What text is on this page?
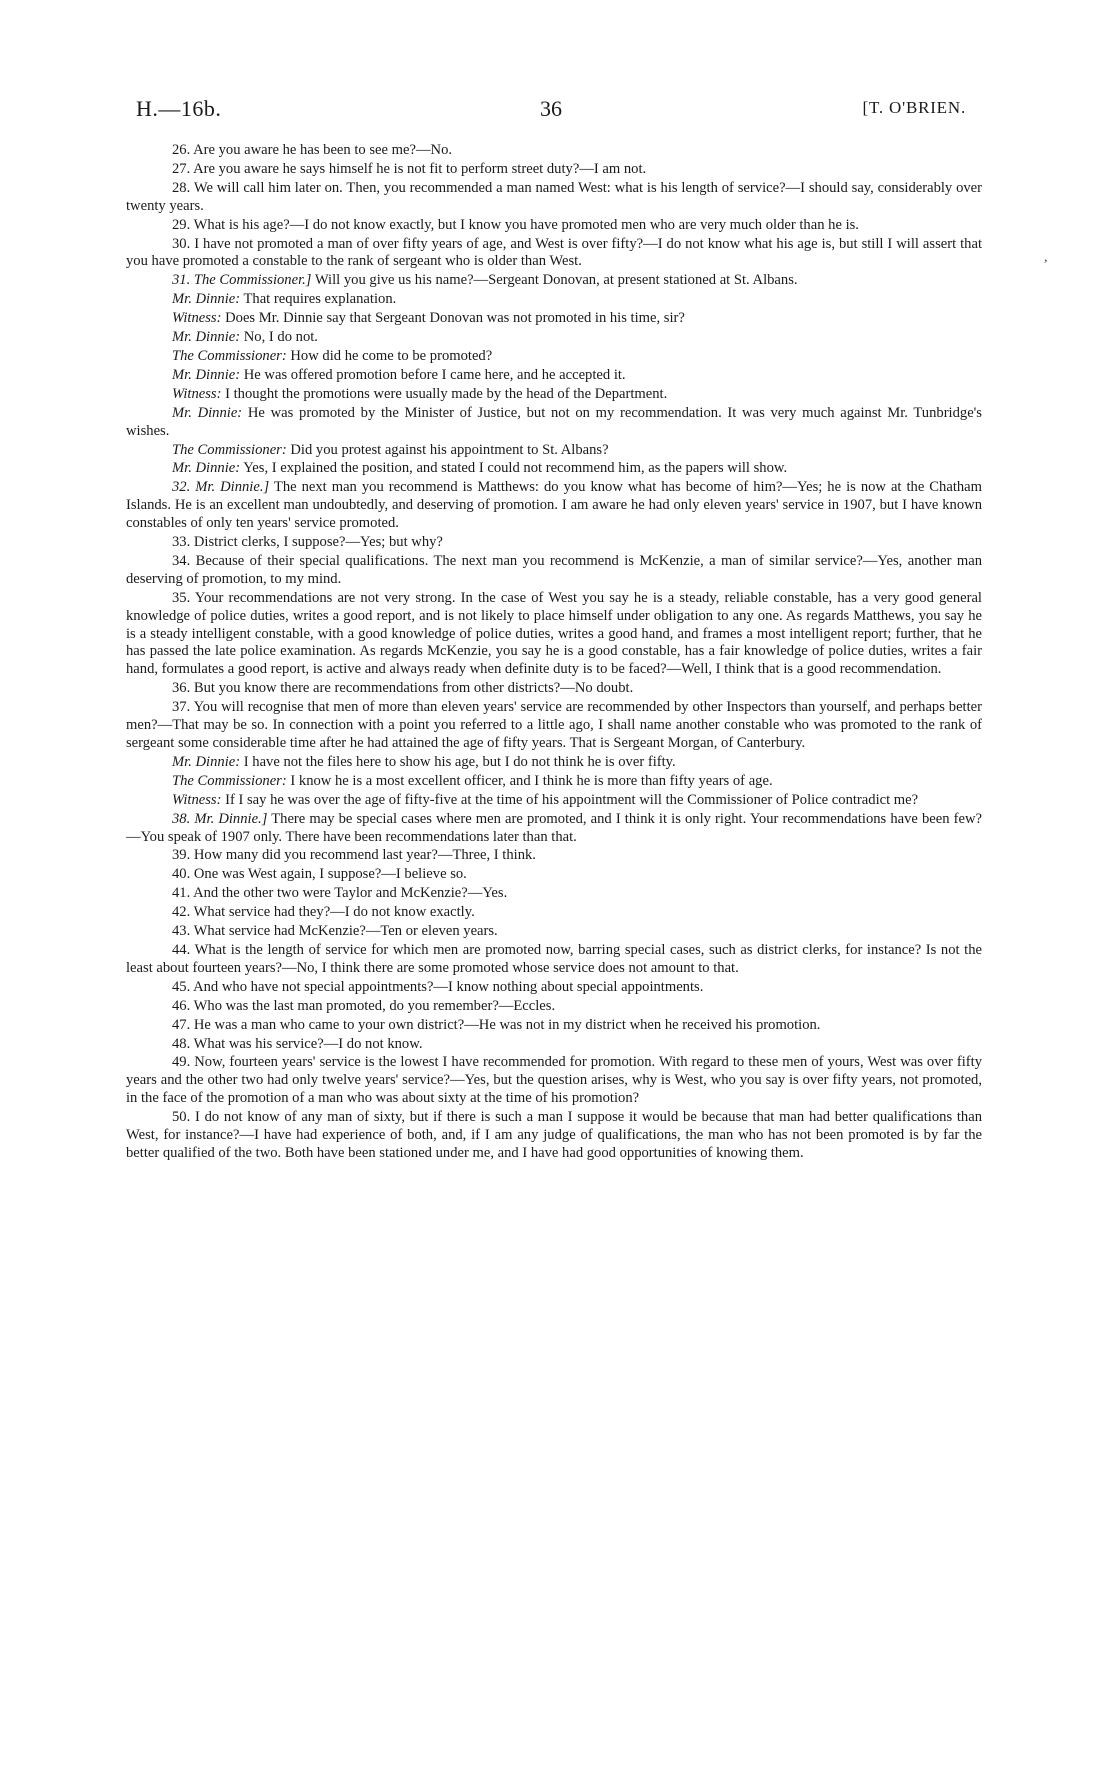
H.—16b.	36	[T. O'BRIEN.
,

26. Are you aware he has been to see me?—No.

27. Are you aware he says himself he is not fit to perform street duty?—I am not.

28. We will call him later on. Then, you recommended a man named West: what is his length of service?—I should say, considerably over twenty years.

29. What is his age?—I do not know exactly, but I know you have promoted men who are very much older than he is.

30. I have not promoted a man of over fifty years of age, and West is over fifty?—I do not know what his age is, but still I will assert that you have promoted a constable to the rank of sergeant who is older than West.

31. The Commissioner.] Will you give us his name?—Sergeant Donovan, at present stationed at St. Albans.

Mr. Dinnie: That requires explanation.

Witness: Does Mr. Dinnie say that Sergeant Donovan was not promoted in his time, sir?

Mr. Dinnie: No, I do not.

The Commissioner: How did he come to be promoted?

Mr. Dinnie: He was offered promotion before I came here, and he accepted it.

Witness: I thought the promotions were usually made by the head of the Department.

Mr. Dinnie: He was promoted by the Minister of Justice, but not on my recommendation. It was very much against Mr. Tunbridge's wishes.

The Commissioner: Did you protest against his appointment to St. Albans?

Mr. Dinnie: Yes, I explained the position, and stated I could not recommend him, as the papers will show.

32. Mr. Dinnie.] The next man you recommend is Matthews: do you know what has become of him?—Yes; he is now at the Chatham Islands. He is an excellent man undoubtedly, and deserving of promotion. I am aware he had only eleven years' service in 1907, but I have known constables of only ten years' service promoted.

33. District clerks, I suppose?—Yes; but why?

34. Because of their special qualifications. The next man you recommend is McKenzie, a man of similar service?—Yes, another man deserving of promotion, to my mind.

35. Your recommendations are not very strong. In the case of West you say he is a steady, reliable constable, has a very good general knowledge of police duties, writes a good report, and is not likely to place himself under obligation to any one. As regards Matthews, you say he is a steady intelligent constable, with a good knowledge of police duties, writes a good hand, and frames a most intelligent report; further, that he has passed the late police examination. As regards McKenzie, you say he is a good constable, has a fair knowledge of police duties, writes a fair hand, formulates a good report, is active and always ready when definite duty is to be faced?—Well, I think that is a good recommendation.

36. But you know there are recommendations from other districts?—No doubt.

37. You will recognise that men of more than eleven years' service are recommended by other Inspectors than yourself, and perhaps better men?—That may be so. In connection with a point you referred to a little ago, I shall name another constable who was promoted to the rank of sergeant some considerable time after he had attained the age of fifty years. That is Sergeant Morgan, of Canterbury.

Mr. Dinnie: I have not the files here to show his age, but I do not think he is over fifty.

The Commissioner: I know he is a most excellent officer, and I think he is more than fifty years of age.

Witness: If I say he was over the age of fifty-five at the time of his appointment will the Commissioner of Police contradict me?

38. Mr. Dinnie.] There may be special cases where men are promoted, and I think it is only right. Your recommendations have been few?—You speak of 1907 only. There have been recommendations later than that.

39. How many did you recommend last year?—Three, I think.

40. One was West again, I suppose?—I believe so.

41. And the other two were Taylor and McKenzie?—Yes.

42. What service had they?—I do not know exactly.

43. What service had McKenzie?—Ten or eleven years.

44. What is the length of service for which men are promoted now, barring special cases, such as district clerks, for instance? Is not the least about fourteen years?—No, I think there are some promoted whose service does not amount to that.

45. And who have not special appointments?—I know nothing about special appointments.

46. Who was the last man promoted, do you remember?—Eccles.

47. He was a man who came to your own district?—He was not in my district when he received his promotion.

48. What was his service?—I do not know.

49. Now, fourteen years' service is the lowest I have recommended for promotion. With regard to these men of yours, West was over fifty years and the other two had only twelve years' service?—Yes, but the question arises, why is West, who you say is over fifty years, not promoted, in the face of the promotion of a man who was about sixty at the time of his promotion?

50. I do not know of any man of sixty, but if there is such a man I suppose it would be because that man had better qualifications than West, for instance?—I have had experience of both, and, if I am any judge of qualifications, the man who has not been promoted is by far the better qualified of the two. Both have been stationed under me, and I have had good opportunities of knowing them.
